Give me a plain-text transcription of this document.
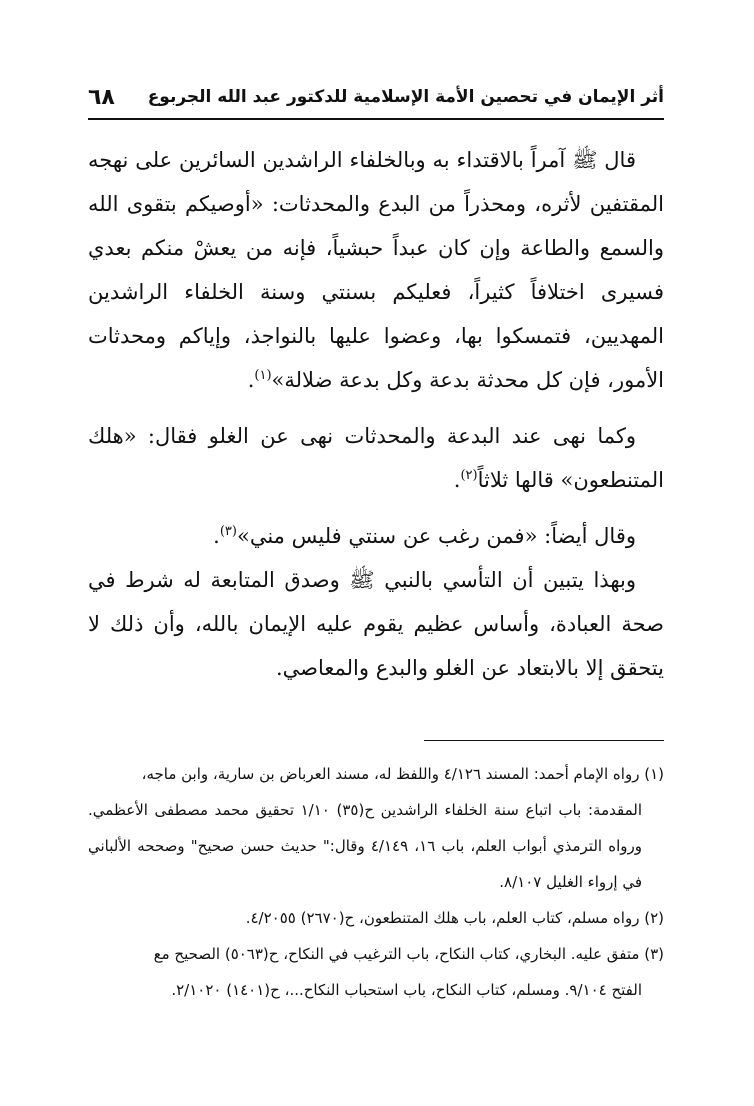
أثر الإيمان في تحصين الأمة الإسلامية للدكتور عبد الله الجربوع
٦٨

قال ﷺ آمراً بالاقتداء به وبالخلفاء الراشدين السائرين على نهجه المقتفين لأثره، ومحذراً من البدع والمحدثات: «أوصيكم بتقوى الله والسمع والطاعة وإن كان عبداً حبشياً، فإنه من يعشْ منكم بعدي فسيرى اختلافاً كثيراً، فعليكم بسنتي وسنة الخلفاء الراشدين المهديين، فتمسكوا بها، وعضوا عليها بالنواجذ، وإياكم ومحدثات الأمور، فإن كل محدثة بدعة وكل بدعة ضلالة»$^{(١)}$.

وكما نهى عند البدعة والمحدثات نهى عن الغلو فقال: «هلك المتنطعون» قالها ثلاثاً$^{(٢)}$.

وقال أيضاً: «فمن رغب عن سنتي فليس مني»$^{(٣)}$.

وبهذا يتبين أن التأسي بالنبي ﷺ وصدق المتابعة له شرط في صحة العبادة، وأساس عظيم يقوم عليه الإيمان بالله، وأن ذلك لا يتحقق إلا بالابتعاد عن الغلو والبدع والمعاصي.

(١) رواه الإمام أحمد: المسند ٤/١٢٦ واللفظ له، مسند العرباض بن سارية، وابن ماجه،

المقدمة: باب اتباع سنة الخلفاء الراشدين ح(٣٥) ١/١٠ تحقيق محمد مصطفى الأعظمي. ورواه الترمذي أبواب العلم، باب ١٦، ٤/١٤٩ وقال:" حديث حسن صحيح" وصححه الألباني في إرواء الغليل ٨/١٠٧.

(٢) رواه مسلم، كتاب العلم، باب هلك المتنطعون، ح(٢٦٧٠) ٤/٢٠٥٥.

(٣) متفق عليه. البخاري، كتاب النكاح، باب الترغيب في النكاح، ح(٥٠٦٣) الصحيح مع

الفتح ٩/١٠٤. ومسلم، كتاب النكاح، باب استحباب النكاح...، ح(١٤٠١) ٢/١٠٢٠.
